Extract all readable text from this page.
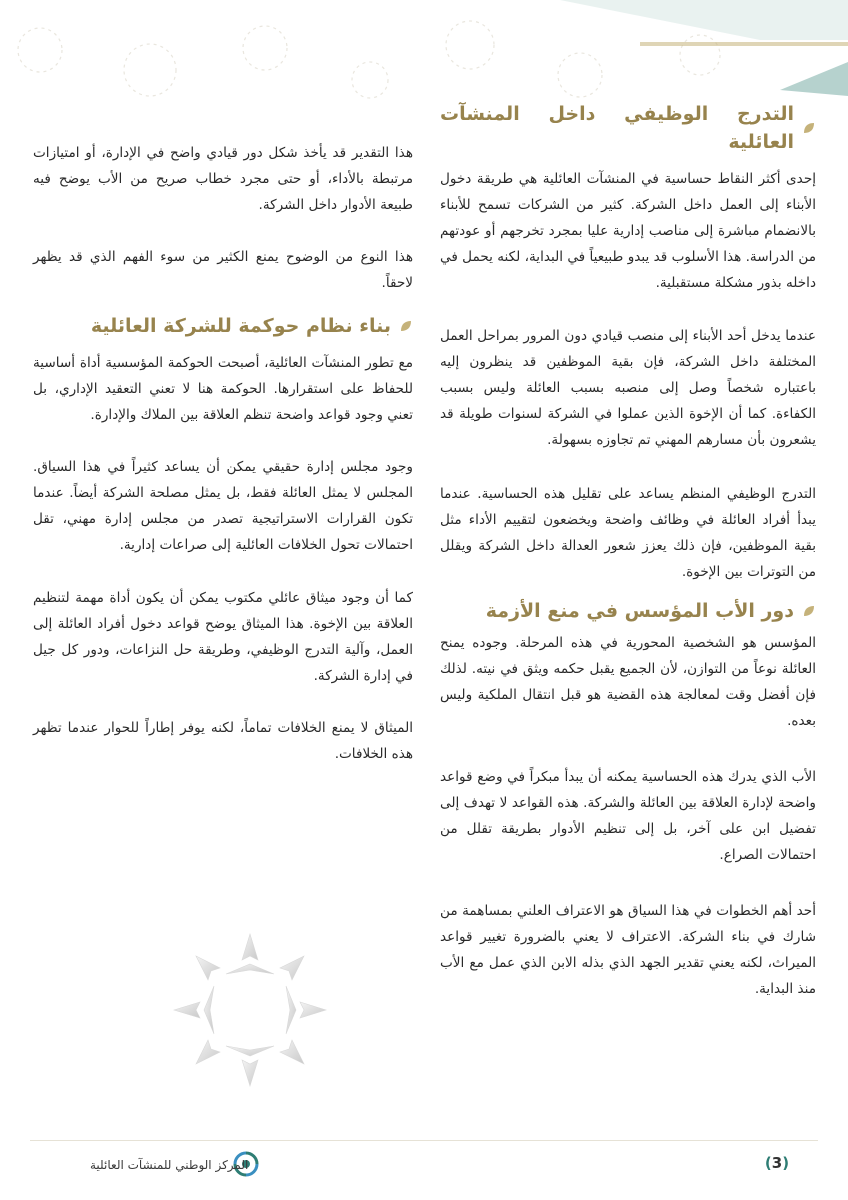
التدرج الوظيفي داخل المنشآت العائلية

إحدى أكثر النقاط حساسية في المنشآت العائلية هي طريقة دخول الأبناء إلى العمل داخل الشركة. كثير من الشركات تسمح للأبناء بالانضمام مباشرة إلى مناصب إدارية عليا بمجرد تخرجهم أو عودتهم من الدراسة. هذا الأسلوب قد يبدو طبيعياً في البداية، لكنه يحمل في داخله بذور مشكلة مستقبلية.

عندما يدخل أحد الأبناء إلى منصب قيادي دون المرور بمراحل العمل المختلفة داخل الشركة، فإن بقية الموظفين قد ينظرون إليه باعتباره شخصاً وصل إلى منصبه بسبب العائلة وليس بسبب الكفاءة. كما أن الإخوة الذين عملوا في الشركة لسنوات طويلة قد يشعرون بأن مسارهم المهني تم تجاوزه بسهولة.

التدرج الوظيفي المنظم يساعد على تقليل هذه الحساسية. عندما يبدأ أفراد العائلة في وظائف واضحة ويخضعون لتقييم الأداء مثل بقية الموظفين، فإن ذلك يعزز شعور العدالة داخل الشركة ويقلل من التوترات بين الإخوة.

دور الأب المؤسس في منع الأزمة

المؤسس هو الشخصية المحورية في هذه المرحلة. وجوده يمنح العائلة نوعاً من التوازن، لأن الجميع يقبل حكمه ويثق في نيته. لذلك فإن أفضل وقت لمعالجة هذه القضية هو قبل انتقال الملكية وليس بعده.

الأب الذي يدرك هذه الحساسية يمكنه أن يبدأ مبكراً في وضع قواعد واضحة لإدارة العلاقة بين العائلة والشركة. هذه القواعد لا تهدف إلى تفضيل ابن على آخر، بل إلى تنظيم الأدوار بطريقة تقلل من احتمالات الصراع.

أحد أهم الخطوات في هذا السياق هو الاعتراف العلني بمساهمة من شارك في بناء الشركة. الاعتراف لا يعني بالضرورة تغيير قواعد الميراث، لكنه يعني تقدير الجهد الذي بذله الابن الذي عمل مع الأب منذ البداية.

هذا التقدير قد يأخذ شكل دور قيادي واضح في الإدارة، أو امتيازات مرتبطة بالأداء، أو حتى مجرد خطاب صريح من الأب يوضح فيه طبيعة الأدوار داخل الشركة.

هذا النوع من الوضوح يمنع الكثير من سوء الفهم الذي قد يظهر لاحقاً.

بناء نظام حوكمة للشركة العائلية

مع تطور المنشآت العائلية، أصبحت الحوكمة المؤسسية أداة أساسية للحفاظ على استقرارها. الحوكمة هنا لا تعني التعقيد الإداري، بل تعني وجود قواعد واضحة تنظم العلاقة بين الملاك والإدارة.

وجود مجلس إدارة حقيقي يمكن أن يساعد كثيراً في هذا السياق. المجلس لا يمثل العائلة فقط، بل يمثل مصلحة الشركة أيضاً. عندما تكون القرارات الاستراتيجية تصدر من مجلس إدارة مهني، تقل احتمالات تحول الخلافات العائلية إلى صراعات إدارية.

كما أن وجود ميثاق عائلي مكتوب يمكن أن يكون أداة مهمة لتنظيم العلاقة بين الإخوة. هذا الميثاق يوضح قواعد دخول أفراد العائلة إلى العمل، وآلية التدرج الوظيفي، وطريقة حل النزاعات، ودور كل جيل في إدارة الشركة.

الميثاق لا يمنع الخلافات تماماً، لكنه يوفر إطاراً للحوار عندما تظهر هذه الخلافات.

المركز الوطني للمنشآت العائلية	(3)
